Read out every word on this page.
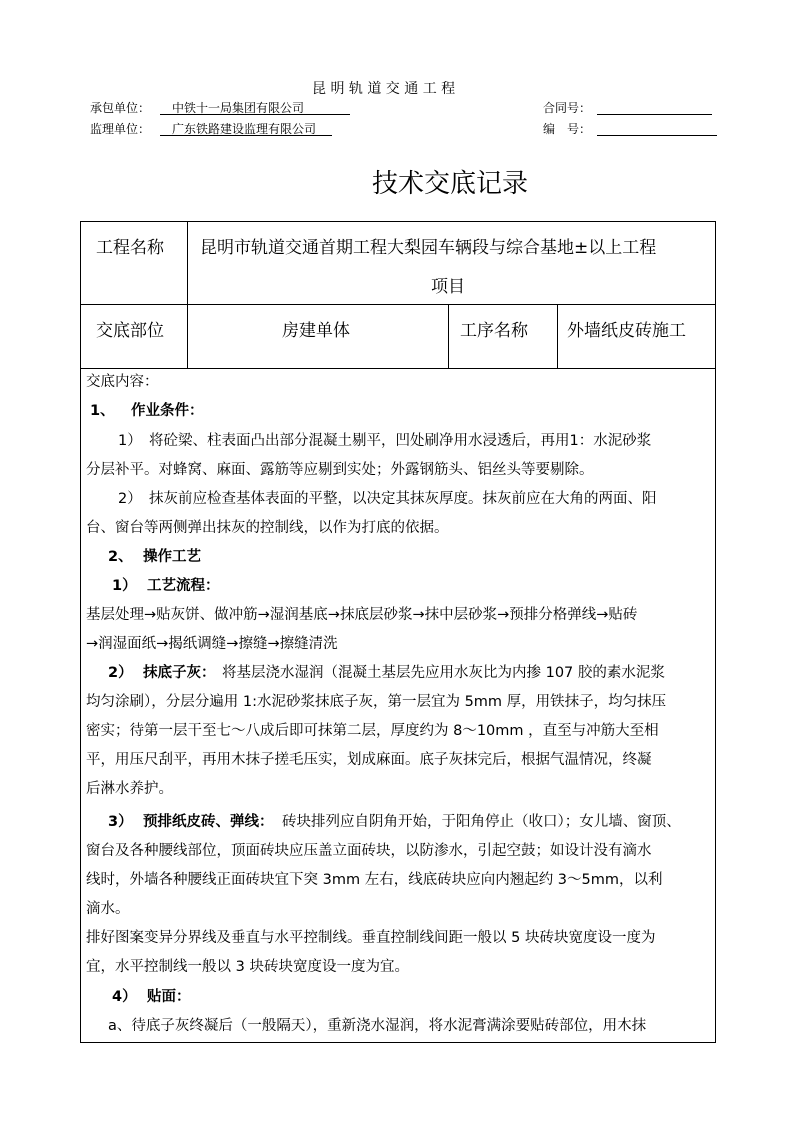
昆 明 轨 道 交 通 工 程
承包单位： 中铁十一局集团有限公司	合同号：
监理单位： 广东铁路建设监理有限公司	编　号：
技术交底记录
工程名称 昆明市轨道交通首期工程大梨园车辆段与综合基地±以上工程
项目
交底部位	房建单体	工序名称 外墙纸皮砖施工
交底内容：
1、 作业条件：
1）　将砼梁、柱表面凸出部分混凝土剔平，凹处刷净用水浸透后，再用1：水泥砂浆
分层补平。对蜂窝、麻面、露筋等应剔到实处；外露钢筋头、铝丝头等要剔除。
2）　抹灰前应检查基体表面的平整，以决定其抹灰厚度。抹灰前应在大角的两面、阳
台、窗台等两侧弹出抹灰的控制线，以作为打底的依据。
2、 操作工艺
1） 工艺流程：
基层处理→贴灰饼、做冲筋→湿润基底→抹底层砂浆→抹中层砂浆→预排分格弹线→贴砖
→润湿面纸→揭纸调缝→擦缝→擦缝清洗
2） 抹底子灰： 将基层浇水湿润（混凝土基层先应用水灰比为内掺 107 胶的素水泥浆
均匀涂刷），分层分遍用 1:水泥砂浆抹底子灰，第一层宜为 5mm 厚，用铁抹子，均匀抹压
密实；待第一层干至七～八成后即可抹第二层，厚度约为 8～10mm ，直至与冲筋大至相
平，用压尺刮平，再用木抹子搓毛压实，划成麻面。底子灰抹完后，根据气温情况，终凝
后淋水养护。
3） 预排纸皮砖、弹线： 砖块排列应自阴角开始，于阳角停止（收口）；女儿墙、窗顶、
窗台及各种腰线部位，顶面砖块应压盖立面砖块，以防渗水，引起空鼓；如设计没有滴水
线时，外墙各种腰线正面砖块宜下突 3mm 左右，线底砖块应向内翘起约 3～5mm，以利
滴水。
排好图案变异分界线及垂直与水平控制线。垂直控制线间距一般以 5 块砖块宽度设一度为
宜，水平控制线一般以 3 块砖块宽度设一度为宜。
4） 贴面：
a、待底子灰终凝后（一般隔天），重新浇水湿润，将水泥膏满涂要贴砖部位，用木抹
